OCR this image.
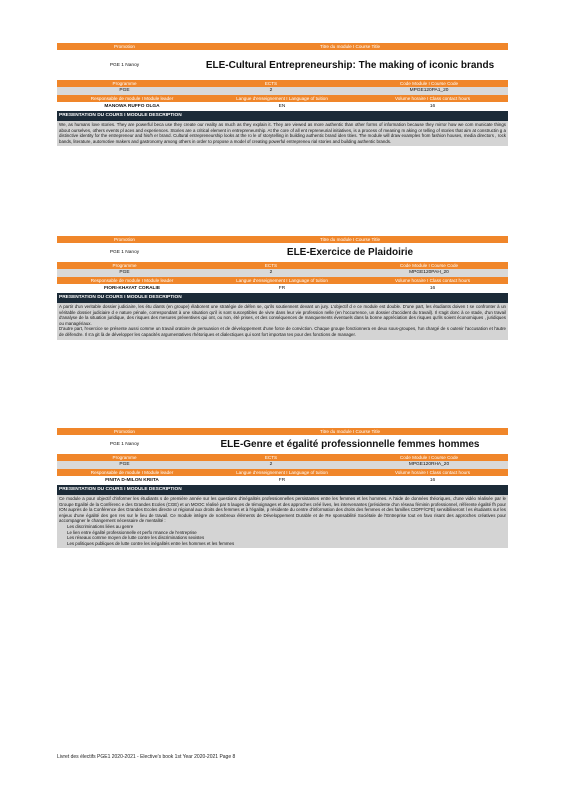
Promotion	Titre du module I Course Title
PGE 1 Nanoy	ELE-Cultural Entrepreneurship: The making of iconic brands
Programme	ECTS	Code Module I Course Code
PGE	2	MPGE120PA1_20
Responsable de module I Module leader	Langue d'enseignement I Language of tuition	Volume horaire I Class contact hours
MANOWA RUFFO OLGA	EN	16
PRESENTATION DU COURS I MODULE DESCRIPTION
We, as humans love stories. They are powerful beca use they create our reality as much as they explain it. They are viewed as more authentic than other forms of information because they mirror how we com municate things about ourselves, others events pl aces and experiences. Stories are a critical element in entrepreneurship. At the core of all ent repreneurial initiatives, is a process of meaning m aking or telling of stories that aim at constructin g a distinctive identity for the entrepreneur and his/h er brand. Cultural entrepreneurship looks at the ro le of storytelling in building authentic brand iden tities. The module will draw examples from fashion houses, media directors , rock bands, literature, automotive makers and gastronomy among others in order to propose a model of creating powerful entrepreneu rial stories and building authentic brands.
Promotion	Titre du module I Course Title
PGE 1 Nanoy	ELE-Exercice de Plaidoirie
Programme	ECTS	Code Module I Course Code
PGE	2	MPGE120PAH_20
Responsable de module I Module leader	Langue d'enseignement I Language of tuition	Volume horaire I Class contact hours
FIORI-KHAYAT CORALIE	FR	16
PRESENTATION DU COURS I MODULE DESCRIPTION
A partir d'un veritable dossier judiciaire, les étu diants (en groupe) élaborent une stratégie de défen se, qu'ils soutiennent devant un jury. L'objectif d e ce module est double. D'une part, les étudiants doiven t se confronter à un véritable dossier judiciaire d e nature pénale, correspondant à une situation qu'il is sont susceptibles de vivre dans leur vie profession nelle (en l'occurrence, un dossier d'accident du travail). Il s'agit donc à ce stade, d'un travail d'analyse de la situation juridique, des risques des mesures préventives qui ont, ou non, été prises, et des conséquences de manquements éventuels dans la bonne appréciation des risques qu'ils soient économiques , juridiques ou managériaux.
D'autre part, l'exercice se présente aussi comme un travail oratoire de persuasion et de développement d'une force de conviction. Chaque groupe fonctionnera en deux sous-groupes, l'un chargé de s outenir l'accusation et l'autre de défendre. Il s'a git là de développer les capacités argumentatives rhétoriques et dialectiques qui sont fort importan tes pour des fonctions de manager.
Promotion	Titre du module I Course Title
PGE 1 Nanoy	ELE-Genre et égalité professionnelle femmes hommes
Programme	ECTS	Code Module I Course Code
PGE	2	MPGE120RHA_20
Responsable de module I Module leader	Langue d'enseignement I Language of tuition	Volume horaire I Class contact hours
FINITA D-MILON KRIITA	FR	16
PRESENTATION DU COURS I MODULE DESCRIPTION
Ce module a pour objectif d'informer les étudiants s de première année sur les questions d'inégalités professionnelles persistantes entre les femmes et les hommes. A l'aide de données théoriques, d'une vidéo réalisée par le Groupe Egalité de la Conférenc e des Grandes Ecoles (CGE) et un MOOC réalisé par 5 lauges de témoignages et des approches créé lives, les intervenantes (présidente d'un réseau féminin professionnel, référente égalité fh pour ION auprès de la Conférence des Grandes Ecoles directe ur régional aux droits des femmes et à l'égalité, p résidente du centre d'information des droits des femmes et des familles CIDFF/CFE) sensibiliseront l es étudiants sur les enjeux d'une égalité des gen res sur le lieu de travail. Ce module intègre de nombreux éléments de Développement Durable et de Re sponsabilité Sociétale de l'Entreprise tout en favo risant des approches créatives pour accompagner le changement nécessaire de mentalité :
Les discriminations liées au genre
Le lien entre égalité professionnelle et perfo rmance de l'entreprise
Les réseaux comme moyen de lutte contre les discriminations sexistes
Les politiques publiques de lutte contre les inégalités entre les hommes et les femmes
Livret des électifs PGE1 2020-2021 - Elective's book 1st Year 2020-2021 Page 8
